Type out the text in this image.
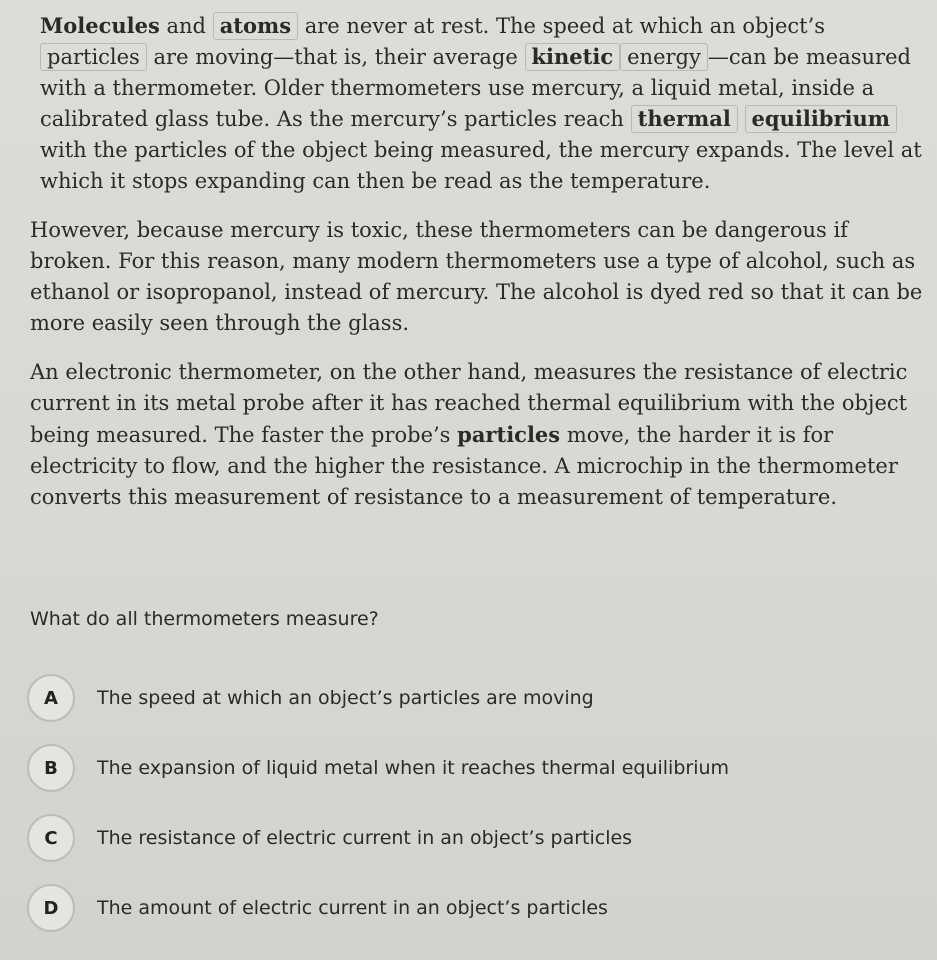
Molecules and atoms are never at rest. The speed at which an object’s particles are moving—that is, their average kinetic energy —can be measured with a thermometer. Older thermometers use mercury, a liquid metal, inside a calibrated glass tube. As the mercury’s particles reach thermal equilibrium with the particles of the object being measured, the mercury expands. The level at which it stops expanding can then be read as the temperature.

However, because mercury is toxic, these thermometers can be dangerous if broken. For this reason, many modern thermometers use a type of alcohol, such as ethanol or isopropanol, instead of mercury. The alcohol is dyed red so that it can be more easily seen through the glass.

An electronic thermometer, on the other hand, measures the resistance of electric current in its metal probe after it has reached thermal equilibrium with the object being measured. The faster the probe’s particles move, the harder it is for electricity to flow, and the higher the resistance. A microchip in the thermometer converts this measurement of resistance to a measurement of temperature.

What do all thermometers measure?
A	The speed at which an object’s particles are moving
B	The expansion of liquid metal when it reaches thermal equilibrium
C	The resistance of electric current in an object’s particles
D	The amount of electric current in an object’s particles
